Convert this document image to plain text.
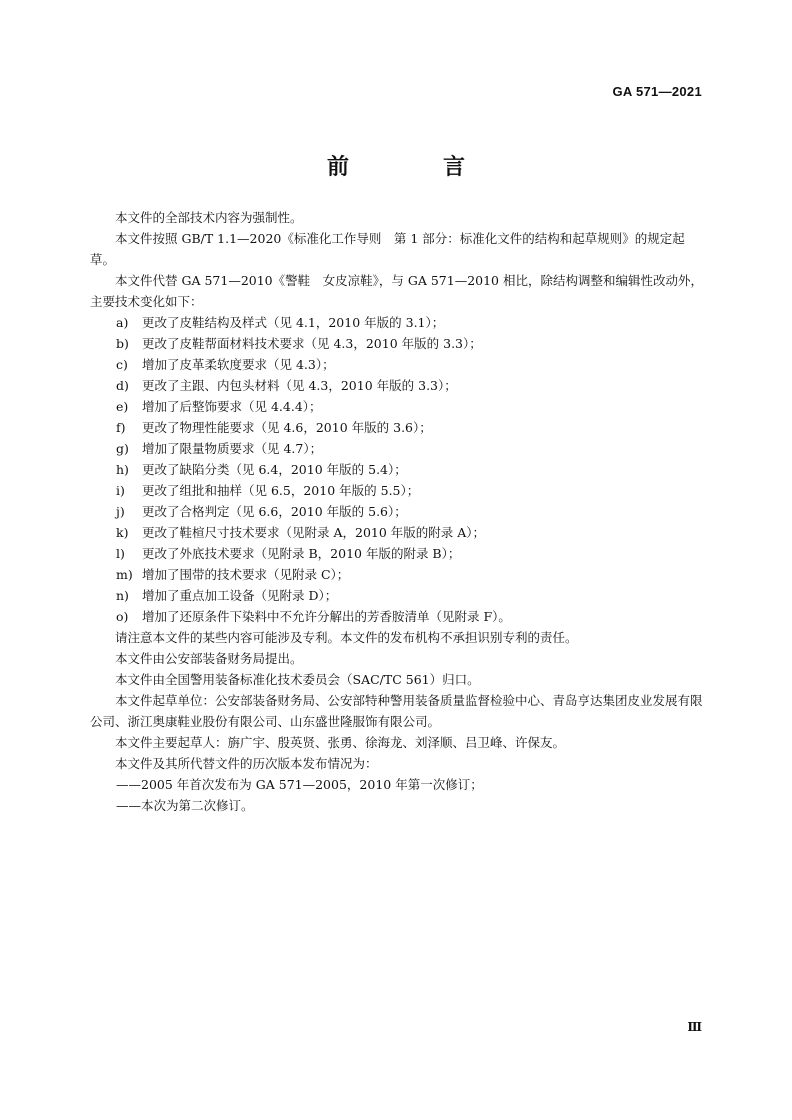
GA 571—2021
前　言

本文件的全部技术内容为强制性。

本文件按照 GB/T 1.1—2020《标准化工作导则　第 1 部分：标准化文件的结构和起草规则》的规定起草。

本文件代替 GA 571—2010《警鞋　女皮凉鞋》，与 GA 571—2010 相比，除结构调整和编辑性改动外，主要技术变化如下：

a) 更改了皮鞋结构及样式（见 4.1，2010 年版的 3.1）；

b) 更改了皮鞋帮面材料技术要求（见 4.3，2010 年版的 3.3）；

c) 增加了皮革柔软度要求（见 4.3）；

d) 更改了主跟、内包头材料（见 4.3，2010 年版的 3.3）；

e) 增加了后整饰要求（见 4.4.4）；

f) 更改了物理性能要求（见 4.6，2010 年版的 3.6）；

g) 增加了限量物质要求（见 4.7）；

h) 更改了缺陷分类（见 6.4，2010 年版的 5.4）；

i) 更改了组批和抽样（见 6.5，2010 年版的 5.5）；

j) 更改了合格判定（见 6.6，2010 年版的 5.6）；

k) 更改了鞋楦尺寸技术要求（见附录 A，2010 年版的附录 A）；

l) 更改了外底技术要求（见附录 B，2010 年版的附录 B）；

m) 增加了围带的技术要求（见附录 C）；

n) 增加了重点加工设备（见附录 D）；

o) 增加了还原条件下染料中不允许分解出的芳香胺清单（见附录 F）。

请注意本文件的某些内容可能涉及专利。本文件的发布机构不承担识别专利的责任。

本文件由公安部装备财务局提出。

本文件由全国警用装备标准化技术委员会（SAC/TC 561）归口。

本文件起草单位：公安部装备财务局、公安部特种警用装备质量监督检验中心、青岛亨达集团皮业发展有限公司、浙江奥康鞋业股份有限公司、山东盛世隆服饰有限公司。

本文件主要起草人：旃广宇、殷英贤、张勇、徐海龙、刘泽顺、吕卫峰、许保友。

本文件及其所代替文件的历次版本发布情况为：

——2005 年首次发布为 GA 571—2005，2010 年第一次修订；

——本次为第二次修订。

Ⅲ
